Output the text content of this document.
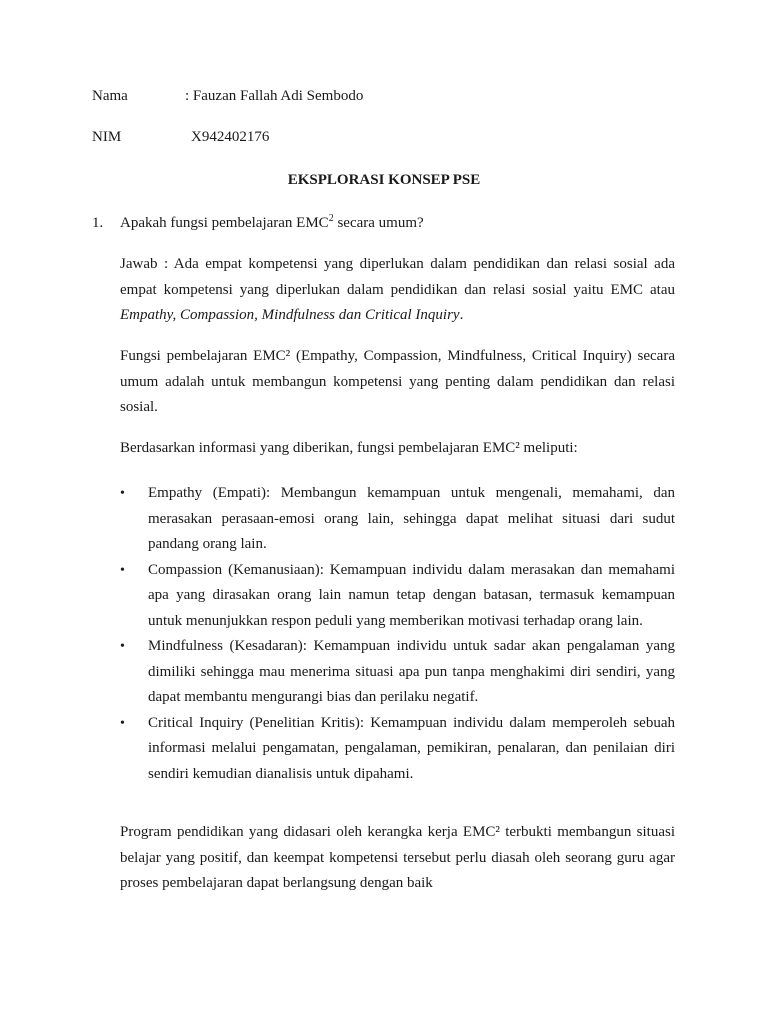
Nama	: Fauzan Fallah Adi Sembodo
NIM	X942402176
EKSPLORASI KONSEP PSE
1. Apakah fungsi pembelajaran EMC$^2$ secara umum?
Jawab : Ada empat kompetensi yang diperlukan dalam pendidikan dan relasi sosial ada empat kompetensi yang diperlukan dalam pendidikan dan relasi sosial yaitu EMC atau Empathy, Compassion, Mindfulness dan Critical Inquiry.
Fungsi pembelajaran EMC² (Empathy, Compassion, Mindfulness, Critical Inquiry) secara umum adalah untuk membangun kompetensi yang penting dalam pendidikan dan relasi sosial.
Berdasarkan informasi yang diberikan, fungsi pembelajaran EMC² meliputi:
• Empathy (Empati): Membangun kemampuan untuk mengenali, memahami, dan merasakan perasaan-emosi orang lain, sehingga dapat melihat situasi dari sudut pandang orang lain.
• Compassion (Kemanusiaan): Kemampuan individu dalam merasakan dan memahami apa yang dirasakan orang lain namun tetap dengan batasan, termasuk kemampuan untuk menunjukkan respon peduli yang memberikan motivasi terhadap orang lain.
• Mindfulness (Kesadaran): Kemampuan individu untuk sadar akan pengalaman yang dimiliki sehingga mau menerima situasi apa pun tanpa menghakimi diri sendiri, yang dapat membantu mengurangi bias dan perilaku negatif.
• Critical Inquiry (Penelitian Kritis): Kemampuan individu dalam memperoleh sebuah informasi melalui pengamatan, pengalaman, pemikiran, penalaran, dan penilaian diri sendiri kemudian dianalisis untuk dipahami.
Program pendidikan yang didasari oleh kerangka kerja EMC² terbukti membangun situasi belajar yang positif, dan keempat kompetensi tersebut perlu diasah oleh seorang guru agar proses pembelajaran dapat berlangsung dengan baik
